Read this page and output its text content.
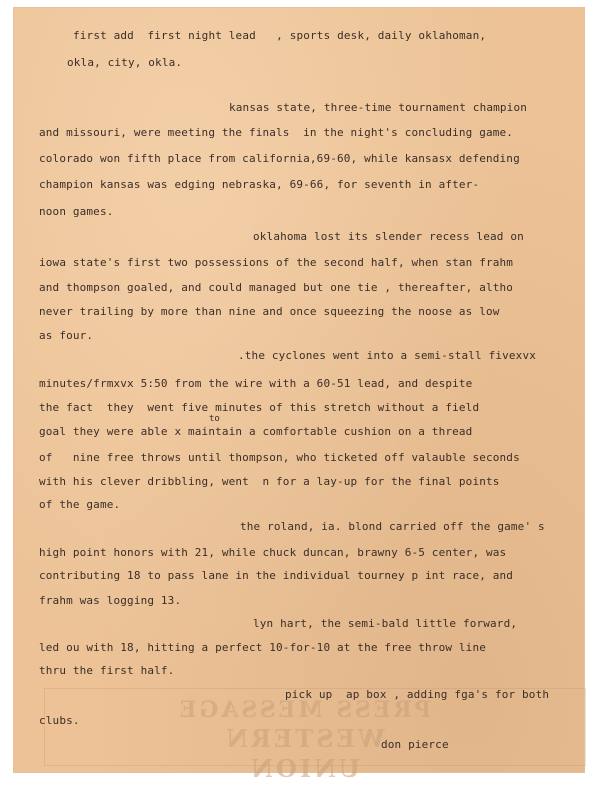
PRESS MESSAGE
WESTERN UNION
first add  first night lead   , sports desk, daily oklahoman,
okla, city, okla.
kansas state, three-time tournament champion
and missouri, were meeting the finals  in the night's concluding game.
colorado won fifth place from california,69-60, while kansasx defending
champion kansas was edging nebraska, 69-66, for seventh in after-
noon games.
oklahoma lost its slender recess lead on
iowa state's first two possessions of the second half, when stan frahm
and thompson goaled, and could managed but one tie , thereafter, altho
never trailing by more than nine and once squeezing the noose as low
as four.
.the cyclones went into a semi-stall fivexvx
minutes/frmxvx 5:50 from the wire with a 60-51 lead, and despite
the fact  they  went five minutes of this stretch without a field
to
goal they were able x maintain a comfortable cushion on a thread
of   nine free throws until thompson, who ticketed off valauble seconds
with his clever dribbling, went  n for a lay-up for the final points
of the game.
the roland, ia. blond carried off the game' s
high point honors with 21, while chuck duncan, brawny 6-5 center, was
contributing 18 to pass lane in the individual tourney p int race, and
frahm was logging 13.
lyn hart, the semi-bald little forward,
led ou with 18, hitting a perfect 10-for-10 at the free throw line
thru the first half.
pick up  ap box , adding fga's for both
clubs.
don pierce
